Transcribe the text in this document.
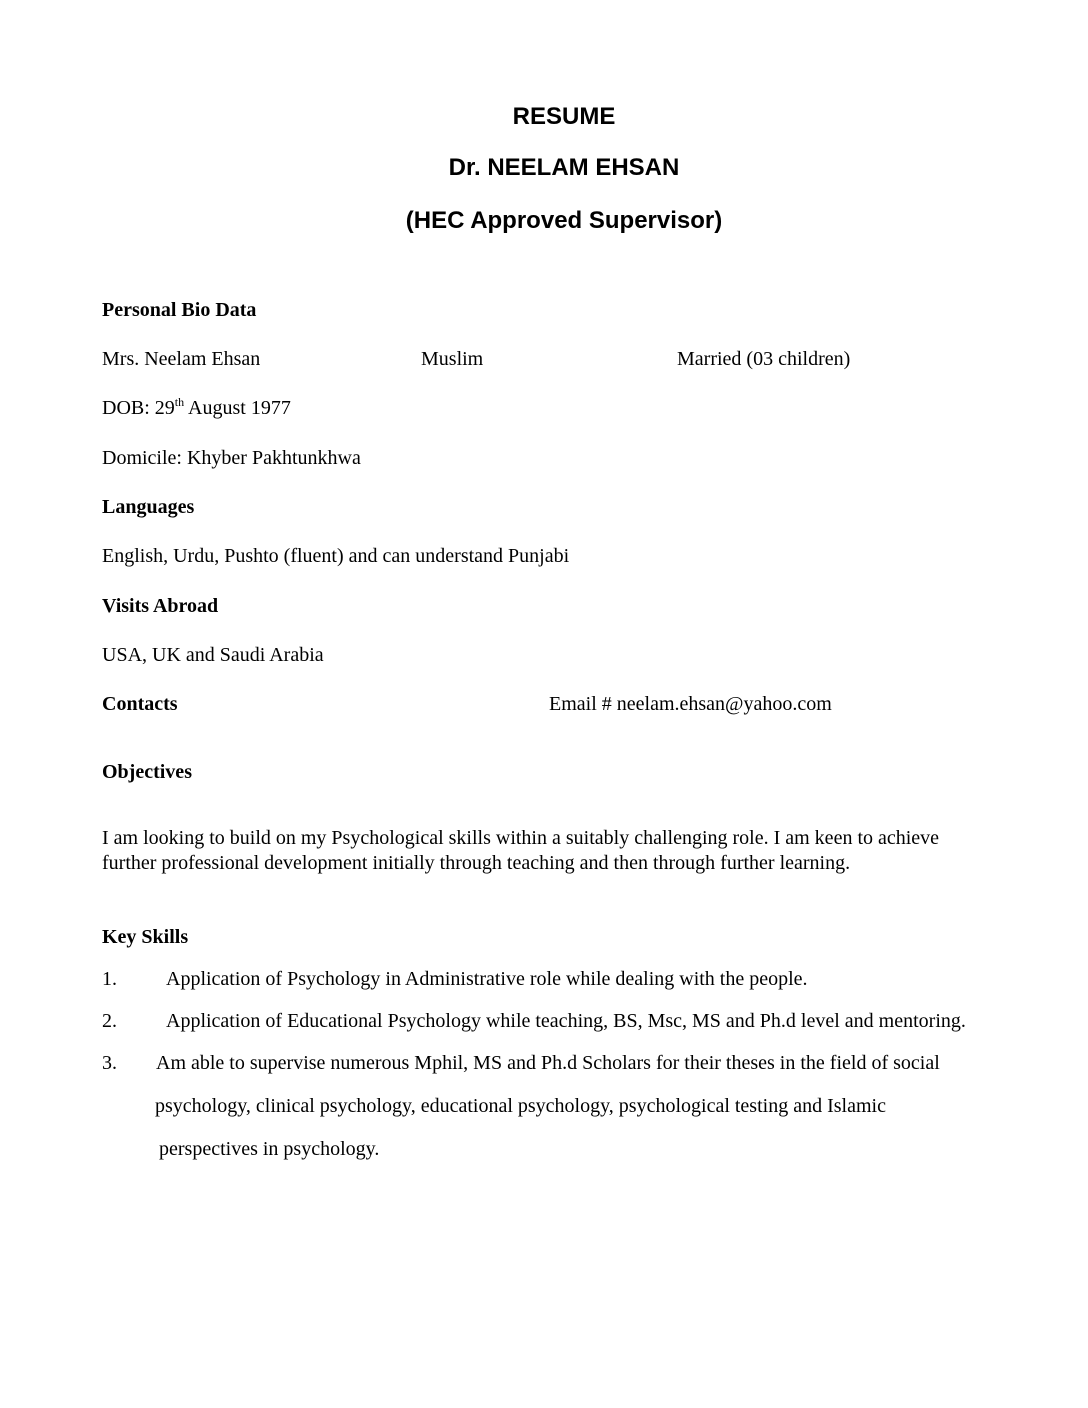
RESUME
Dr. NEELAM EHSAN
(HEC Approved Supervisor)
Personal Bio Data
Mrs. Neelam Ehsan	Muslim	Married (03 children)
DOB: 29th August 1977
Domicile: Khyber Pakhtunkhwa
Languages
English, Urdu, Pushto (fluent) and can understand Punjabi
Visits Abroad
USA, UK and Saudi Arabia
Contacts	Email # neelam.ehsan@yahoo.com
Objectives
I am looking to build on my Psychological skills within a suitably challenging role. I am keen to achieve
further professional development initially through teaching and then through further learning.
Key Skills
1. Application of Psychology in Administrative role while dealing with the people.
2. Application of Educational Psychology while teaching, BS, Msc, MS and Ph.d level and mentoring.
3. Am able to supervise numerous Mphil, MS and Ph.d Scholars for their theses in the field of social
psychology, clinical psychology, educational psychology, psychological testing and Islamic
perspectives in psychology.
